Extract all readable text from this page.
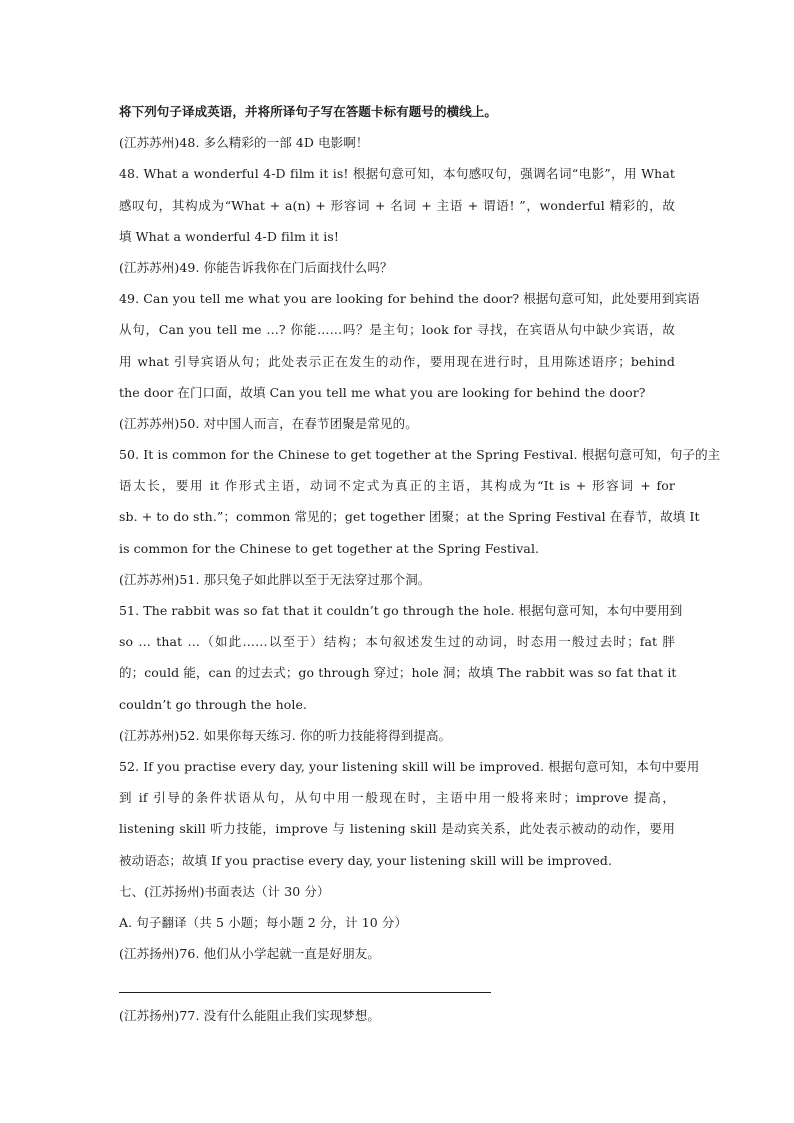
将下列句子译成英语，并将所译句子写在答题卡标有题号的横线上。
(江苏苏州)48. 多么精彩的一部 4D 电影啊！
48. What a wonderful 4-D film it is! 根据句意可知，本句感叹句，强调名词“电影”，用 What
感叹句，其构成为“What + a(n) + 形容词 + 名词 + 主语 + 谓语! ”，wonderful 精彩的，故
填 What a wonderful 4-D film it is!
(江苏苏州)49. 你能告诉我你在门后面找什么吗？
49. Can you tell me what you are looking for behind the door? 根据句意可知，此处要用到宾语
从句，Can you tell me …? 你能……吗？是主句；look for 寻找，在宾语从句中缺少宾语，故
用 what 引导宾语从句；此处表示正在发生的动作，要用现在进行时，且用陈述语序；behind
the door 在门口面，故填 Can you tell me what you are looking for behind the door?
(江苏苏州)50. 对中国人而言，在春节团聚是常见的。
50. It is common for the Chinese to get together at the Spring Festival. 根据句意可知，句子的主
语太长，要用 it 作形式主语，动词不定式为真正的主语，其构成为“It is + 形容词 + for
sb. + to do sth.”；common 常见的；get together 团聚；at the Spring Festival 在春节，故填 It
is common for the Chinese to get together at the Spring Festival.
(江苏苏州)51. 那只兔子如此胖以至于无法穿过那个洞。
51. The rabbit was so fat that it couldn’t go through the hole. 根据句意可知，本句中要用到
so … that …（如此……以至于）结构；本句叙述发生过的动词，时态用一般过去时；fat 胖
的；could 能，can 的过去式；go through 穿过；hole 洞；故填 The rabbit was so fat that it
couldn’t go through the hole.
(江苏苏州)52. 如果你每天练习. 你的听力技能将得到提高。
52. If you practise every day, your listening skill will be improved. 根据句意可知，本句中要用
到 if 引导的条件状语从句，从句中用一般现在时，主语中用一般将来时；improve 提高，
listening skill 听力技能，improve 与 listening skill 是动宾关系，此处表示被动的动作，要用
被动语态；故填 If you practise every day, your listening skill will be improved.
七、(江苏扬州)书面表达（计 30 分）
A. 句子翻译（共 5 小题；每小题 2 分，计 10 分）
(江苏扬州)76. 他们从小学起就一直是好朋友。
(江苏扬州)77. 没有什么能阻止我们实现梦想。
